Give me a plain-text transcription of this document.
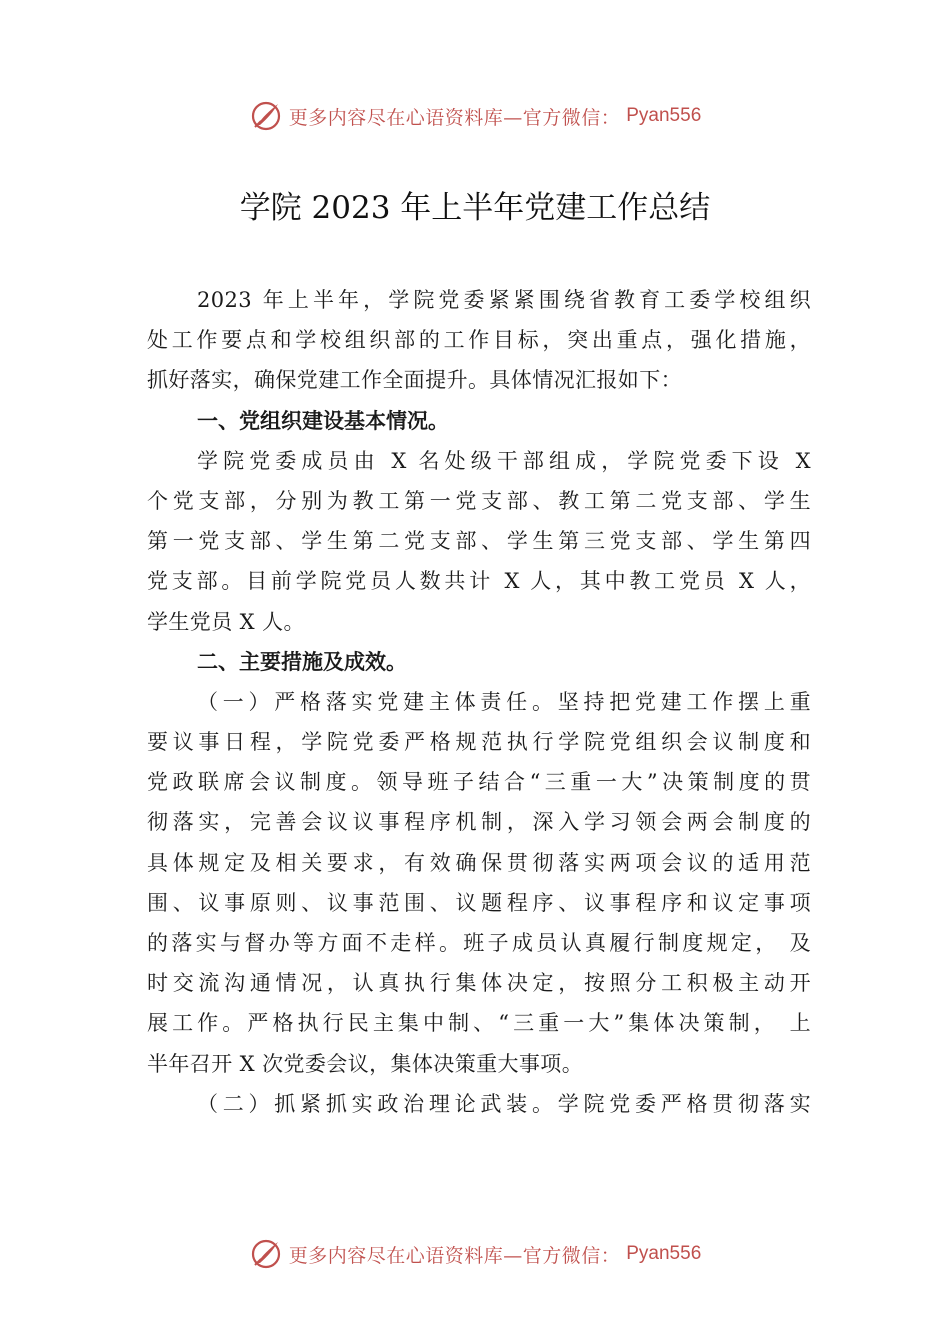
更多内容尽在心语资料库—官方微信： Pyan556
学院 2023 年上半年党建工作总结
2023 年上半年，学院党委紧紧围绕省教育工委学校组织
处工作要点和学校组织部的工作目标，突出重点，强化措施，
抓好落实，确保党建工作全面提升。具体情况汇报如下：
一、党组织建设基本情况。
学院党委成员由 X 名处级干部组成，学院党委下设 X
个党支部，分别为教工第一党支部、教工第二党支部、学生
第一党支部、学生第二党支部、学生第三党支部、学生第四
党支部。目前学院党员人数共计 X 人，其中教工党员 X 人，
学生党员 X 人。
二、主要措施及成效。
（一）严格落实党建主体责任。坚持把党建工作摆上重
要议事日程，学院党委严格规范执行学院党组织会议制度和
党政联席会议制度。领导班子结合“三重一大”决策制度的贯
彻落实，完善会议议事程序机制，深入学习领会两会制度的
具体规定及相关要求，有效确保贯彻落实两项会议的适用范
围、议事原则、议事范围、议题程序、议事程序和议定事项
的落实与督办等方面不走样。班子成员认真履行制度规定， 及
时交流沟通情况，认真执行集体决定，按照分工积极主动开
展工作。严格执行民主集中制、“三重一大”集体决策制， 上
半年召开 X 次党委会议，集体决策重大事项。
（二）抓紧抓实政治理论武装。学院党委严格贯彻落实
更多内容尽在心语资料库—官方微信： Pyan556
